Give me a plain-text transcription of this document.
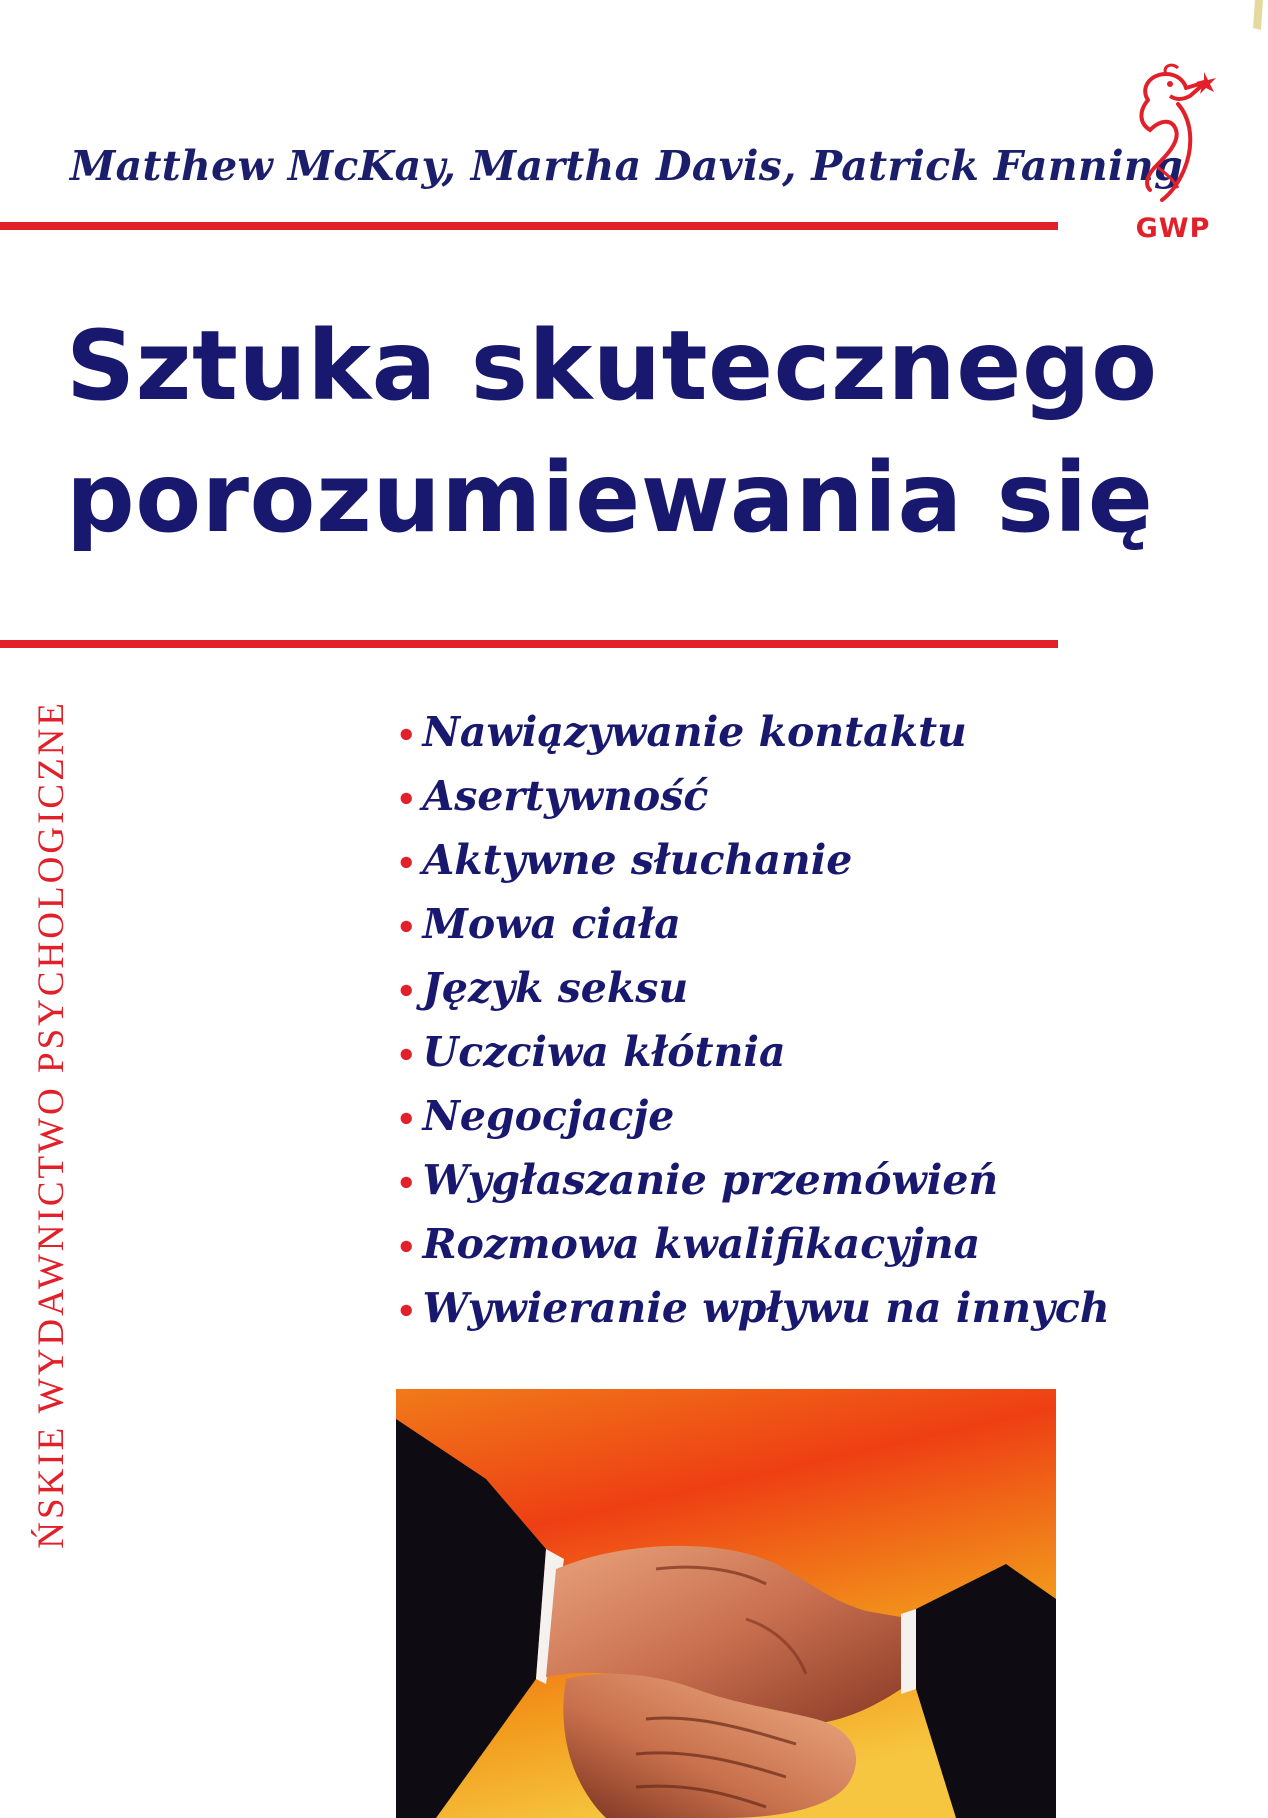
Matthew McKay, Martha Davis, Patrick Fanning
GWP
Sztuka skutecznego
porozumiewania się
ŃSKIE WYDAWNICTWO PSYCHOLOGICZNE	• Nawiązywanie kontaktu
• Asertywność
• Aktywne słuchanie
• Mowa ciała
• Język seksu
• Uczciwa kłótnia
• Negocjacje
• Wygłaszanie przemówień
• Rozmowa kwalifikacyjna
• Wywieranie wpływu na innych
